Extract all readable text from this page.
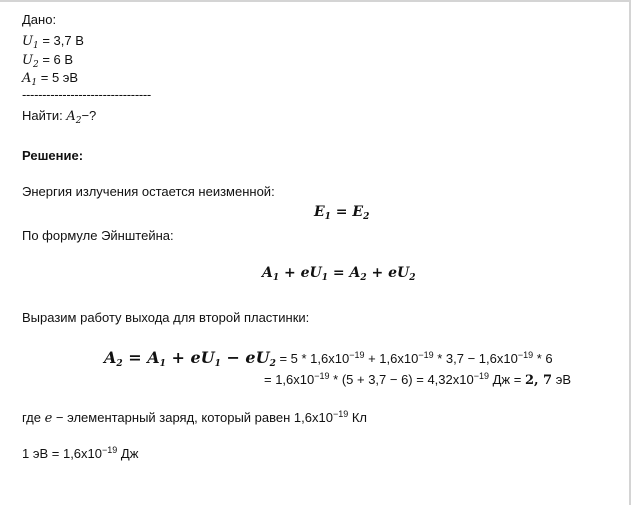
Дано:
$U_1 = 3,7$ В
$U_2 = 6$ В
$A_1 = 5$ эВ
--------------------------------
Найти: $A_2-$?
Решение:
Энергия излучения остается неизменной:
$E_1 = E_2$
По формуле Эйнштейна:
$A_1 + eU_1 = A_2 + eU_2$
Выразим работу выхода для второй пластинки:
$A_2 = A_1 + eU_1 - eU_2 = 5 * 1,6x10^{-19} + 1,6x10^{-19} * 3,7 - 1,6x10^{-19} * 6$
= $1,6x10^{-19} * (5 + 3,7 - 6) = 4,32x10^{-19}$ Дж = 2, 7 эВ
где e − элементарный заряд, который равен $1,6x10^{-19}$ Кл
1 эВ = $1,6x10^{-19}$ Дж
